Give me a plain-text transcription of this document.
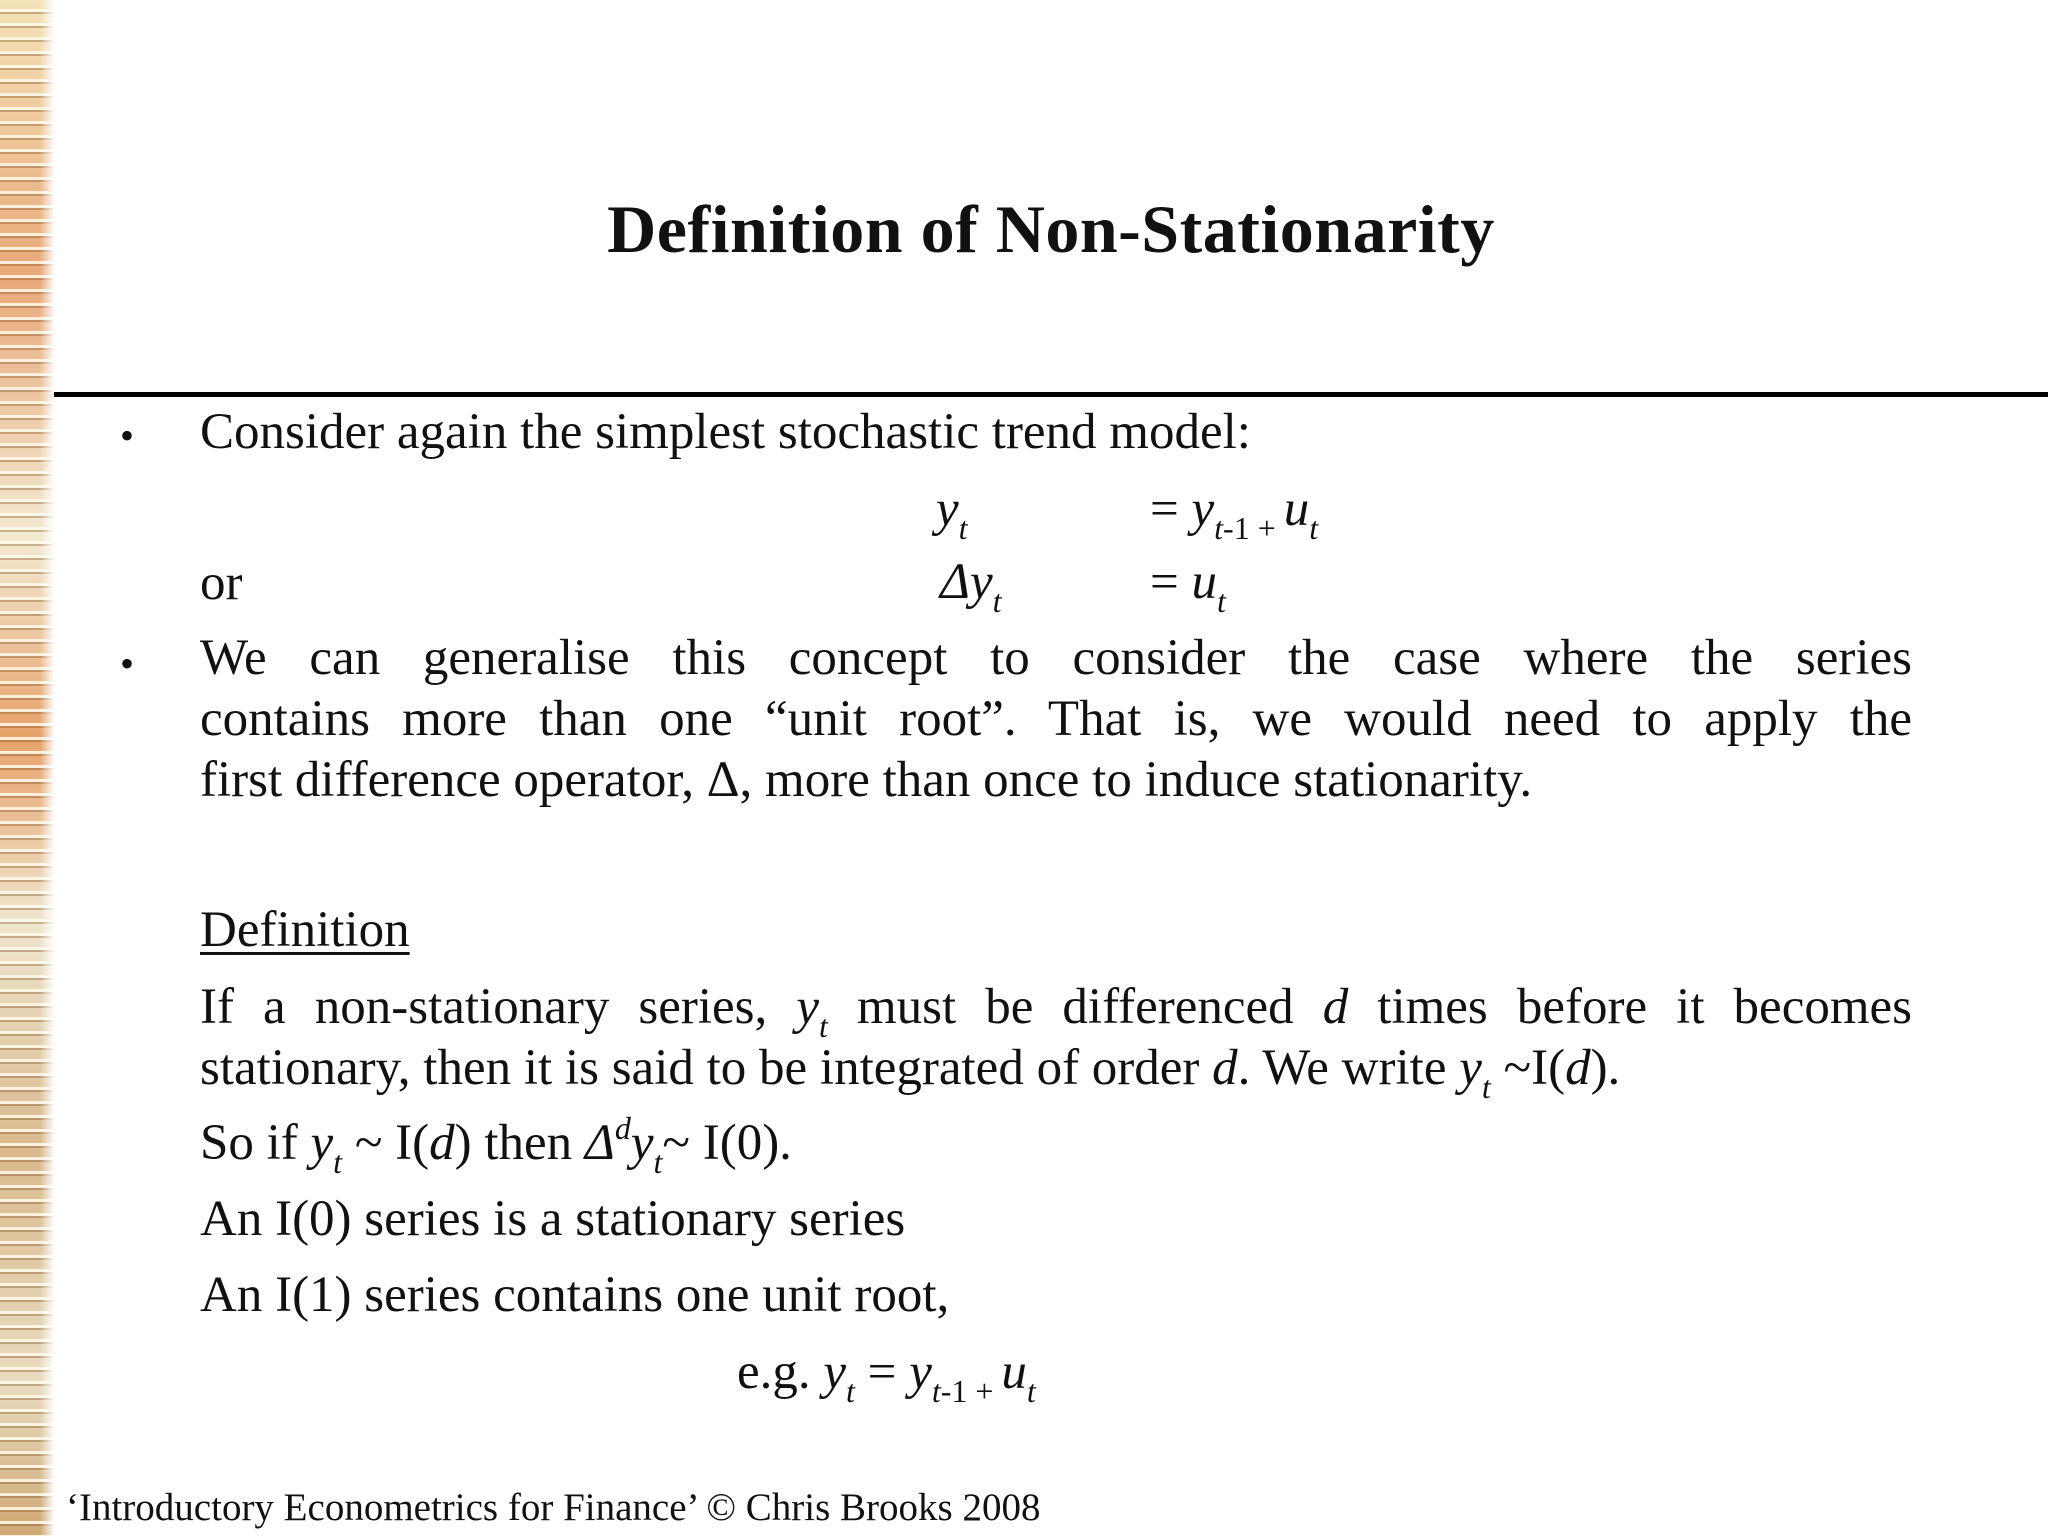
Definition of Non-Stationarity
• Consider again the simplest stochastic trend model:
$y_t$	= $y_{t-1 +}$ $u_t$
or	$\Delta y_t$	= $u_t$
• We can generalise this concept to consider the case where the series
contains more than one “unit root”. That is, we would need to apply the
first difference operator, Δ, more than once to induce stationarity.
Definition
If a non-stationary series, $y_t$ must be differenced d times before it becomes
stationary, then it is said to be integrated of order d. We write $y_t$ ~I(d).
So if $y_t$ ~ I(d) then $\Delta^dy_t\sim$ I(0).
An I(0) series is a stationary series
An I(1) series contains one unit root,
e.g. $y_t = y_{t-1 +}$ $u_t$
‘Introductory Econometrics for Finance’ © Chris Brooks 2008
